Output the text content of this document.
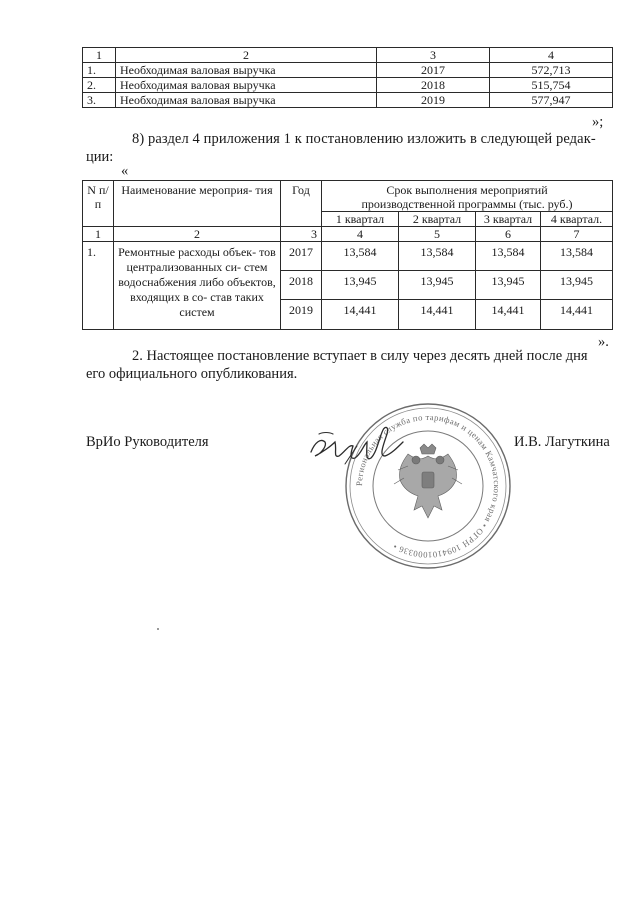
1	2	3	4
1.	Необходимая валовая выручка	2017	572,713
2.	Необходимая валовая выручка	2018	515,754
3.	Необходимая валовая выручка	2019	577,947
»;
8) раздел 4 приложения 1 к постановлению изложить в следующей редак-
ции:
«
N п/п	Наименование мероприя- тия	Год	Срок выполнения мероприятий производственной программы (тыс. руб.)			
			1 квартал	2 квартал	3 квартал	4 квартал.
1	2	3	4	5	6	7
1.	Ремонтные расходы объек- тов централизованных си- стем водоснабжения либо объектов, входящих в со- став таких систем	2017	13,584	13,584	13,584	13,584
		2018	13,945	13,945	13,945	13,945
		2019	14,441	14,441	14,441	14,441
».
2. Настоящее постановление вступает в силу через десять дней после дня
его официального опубликования.
ВрИо Руководителя	И.В. Лагуткина
Региональная служба по тарифам и ценам Камчатского края • ОГРН 1094101000336 •
